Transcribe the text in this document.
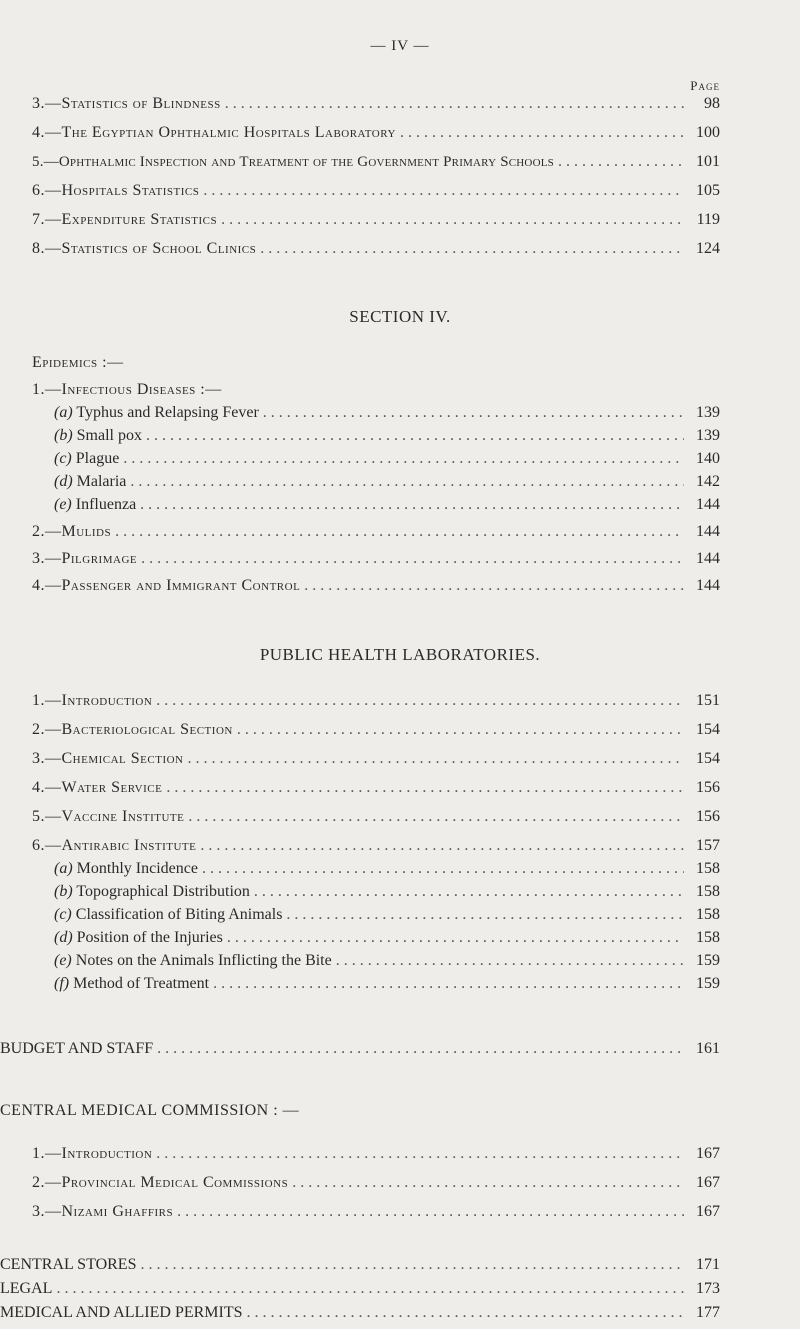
— IV —
Page
3.—Statistics of Blindness . . .	98
4.—The Egyptian Ophthalmic Hospitals Laboratory . . .	100
5.—Ophthalmic Inspection and Treatment of the Government Primary Schools . . .	101
6.—Hospitals Statistics . . .	105
7.—Expenditure Statistics . . .	119
8.—Statistics of School Clinics . . .	124
SECTION IV.
Epidemics :—
1.—Infectious Diseases :—
(a) Typhus and Relapsing Fever . . .	139
(b) Small pox . . .	139
(c) Plague . . .	140
(d) Malaria . . .	142
(e) Influenza . . .	144
2.—Mulids . . .	144
3.—Pilgrimage . . .	144
4.—Passenger and Immigrant Control . . .	144
PUBLIC HEALTH LABORATORIES.
1.—Introduction . . .	151
2.—Bacteriological Section . . .	154
3.—Chemical Section . . .	154
4.—Water Service . . .	156
5.—Vaccine Institute . . .	156
6.—Antirabic Institute . . .	157
(a) Monthly Incidence . . .	158
(b) Topographical Distribution . . .	158
(c) Classification of Biting Animals . . .	158
(d) Position of the Injuries . . .	158
(e) Notes on the Animals Inflicting the Bite . . .	159
(f) Method of Treatment . . .	159
BUDGET AND STAFF . . .	161
CENTRAL MEDICAL COMMISSION : —
1.—Introduction . . .	167
2.—Provincial Medical Commissions . . .	167
3.—Nizami Ghaffirs . . .	167
CENTRAL STORES . . .	171
LEGAL . . .	173
MEDICAL AND ALLIED PERMITS . . .	177
